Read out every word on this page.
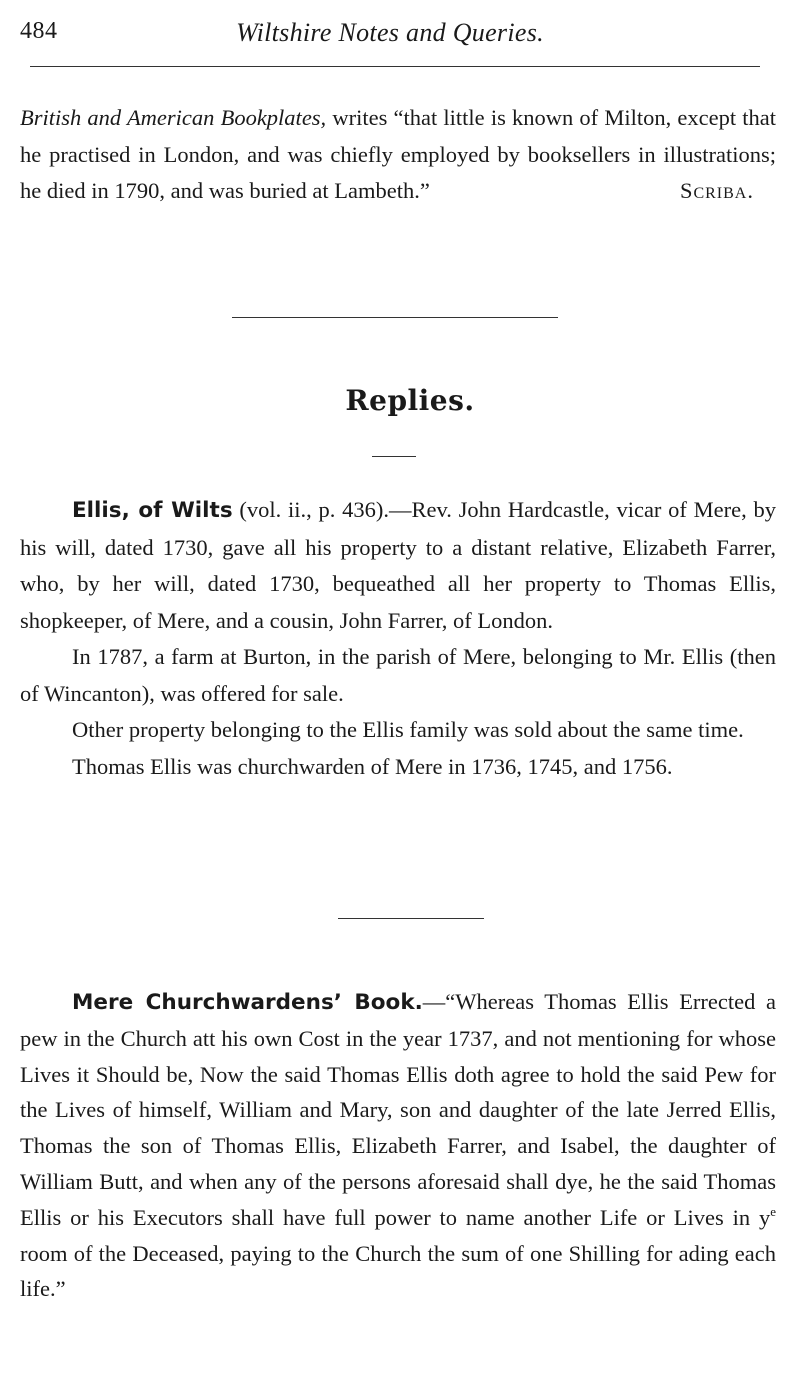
484	Wiltshire Notes and Queries.

British and American Bookplates, writes “that little is known of Milton, except that he practised in London, and was chiefly employed by booksellers in illustrations; he died in 1790, and was buried at Lambeth.”	Scriba.

Replies.

Ellis, of Wilts (vol. ii., p. 436).—Rev. John Hardcastle, vicar of Mere, by his will, dated 1730, gave all his property to a distant relative, Elizabeth Farrer, who, by her will, dated 1730, bequeathed all her property to Thomas Ellis, shopkeeper, of Mere, and a cousin, John Farrer, of London.

In 1787, a farm at Burton, in the parish of Mere, belonging to Mr. Ellis (then of Wincanton), was offered for sale.

Other property belonging to the Ellis family was sold about the same time.

Thomas Ellis was churchwarden of Mere in 1736, 1745, and 1756.

Mere Churchwardens’ Book.—“Whereas Thomas Ellis Errected a pew in the Church att his own Cost in the year 1737, and not mentioning for whose Lives it Should be, Now the said Thomas Ellis doth agree to hold the said Pew for the Lives of himself, William and Mary, son and daughter of the late Jerred Ellis, Thomas the son of Thomas Ellis, Elizabeth Farrer, and Isabel, the daughter of William Butt, and when any of the persons aforesaid shall dye, he the said Thomas Ellis or his Executors shall have full power to name another Life or Lives in $y^e$ room of the Deceased, paying to the Church the sum of one Shilling for ading each life.”
